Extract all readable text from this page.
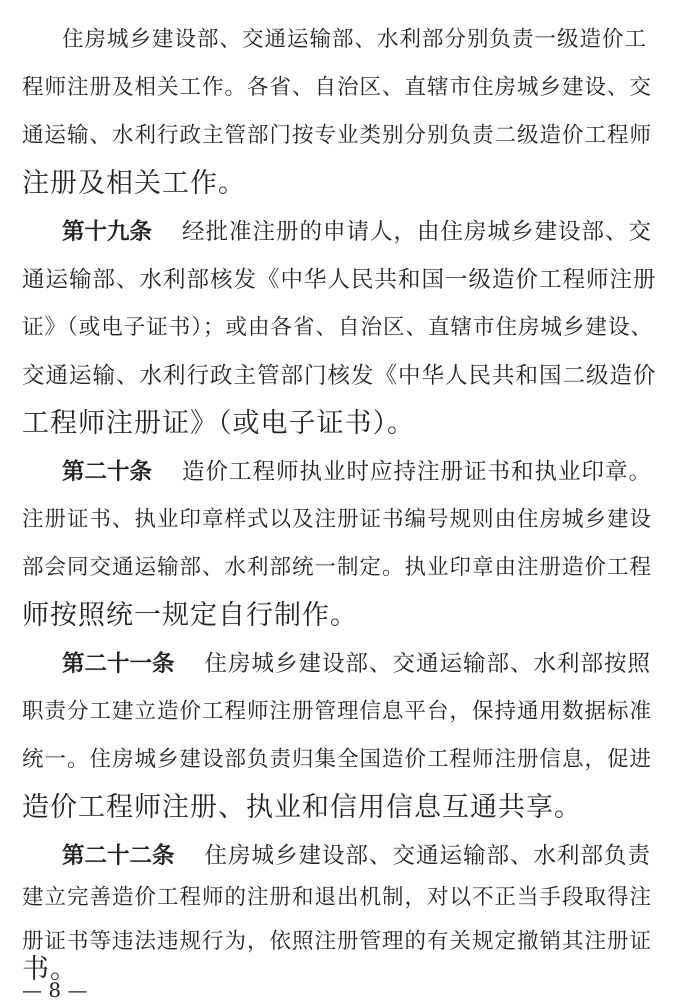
住房城乡建设部、交通运输部、水利部分别负责一级造价工
程师注册及相关工作。各省、自治区、直辖市住房城乡建设、交
通运输、水利行政主管部门按专业类别分别负责二级造价工程师
注册及相关工作。
第十九条 经批准注册的申请人，由住房城乡建设部、交
通运输部、水利部核发《中华人民共和国一级造价工程师注册
证》（或电子证书）；或由各省、自治区、直辖市住房城乡建设、
交通运输、水利行政主管部门核发《中华人民共和国二级造价
工程师注册证》（或电子证书）。
第二十条 造价工程师执业时应持注册证书和执业印章。
注册证书、执业印章样式以及注册证书编号规则由住房城乡建设
部会同交通运输部、水利部统一制定。执业印章由注册造价工程
师按照统一规定自行制作。
第二十一条 住房城乡建设部、交通运输部、水利部按照
职责分工建立造价工程师注册管理信息平台，保持通用数据标准
统一。住房城乡建设部负责归集全国造价工程师注册信息，促进
造价工程师注册、执业和信用信息互通共享。
第二十二条 住房城乡建设部、交通运输部、水利部负责
建立完善造价工程师的注册和退出机制，对以不正当手段取得注
册证书等违法违规行为，依照注册管理的有关规定撤销其注册证
书。
— 8 —
